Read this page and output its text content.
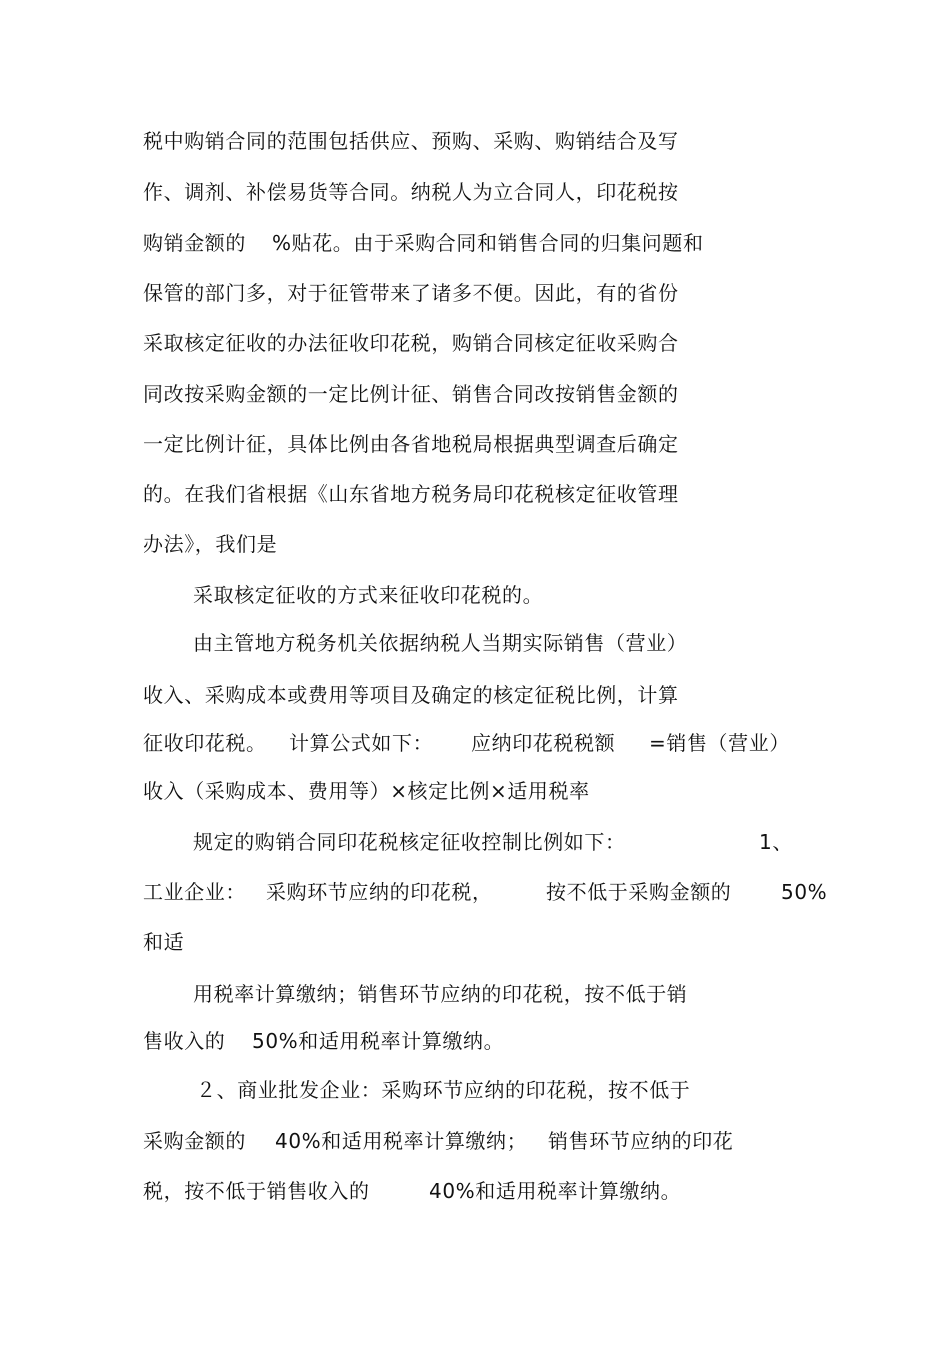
税中购销合同的范围包括供应、预购、采购、购销结合及写
作、调剂、补偿易货等合同。纳税人为立合同人，印花税按
购销金额的 %贴花。由于采购合同和销售合同的归集问题和
保管的部门多，对于征管带来了诸多不便。因此，有的省份
采取核定征收的办法征收印花税，购销合同核定征收采购合
同改按采购金额的一定比例计征、销售合同改按销售金额的
一定比例计征，具体比例由各省地税局根据典型调查后确定
的。在我们省根据《山东省地方税务局印花税核定征收管理
办法》，我们是
采取核定征收的方式来征收印花税的。
由主管地方税务机关依据纳税人当期实际销售（营业）
收入、采购成本或费用等项目及确定的核定征税比例，计算
征收印花税。 计算公式如下： 应纳印花税税额 =销售（营业）
收入（采购成本、费用等）×核定比例×适用税率
规定的购销合同印花税核定征收控制比例如下：	1、
工业企业： 采购环节应纳的印花税，	按不低于采购金额的 50%
和适
用税率计算缴纳；销售环节应纳的印花税，按不低于销
售收入的 50%和适用税率计算缴纳。
２、商业批发企业：采购环节应纳的印花税，按不低于
采购金额的 40%和适用税率计算缴纳； 销售环节应纳的印花
税，按不低于销售收入的	40%和适用税率计算缴纳。
